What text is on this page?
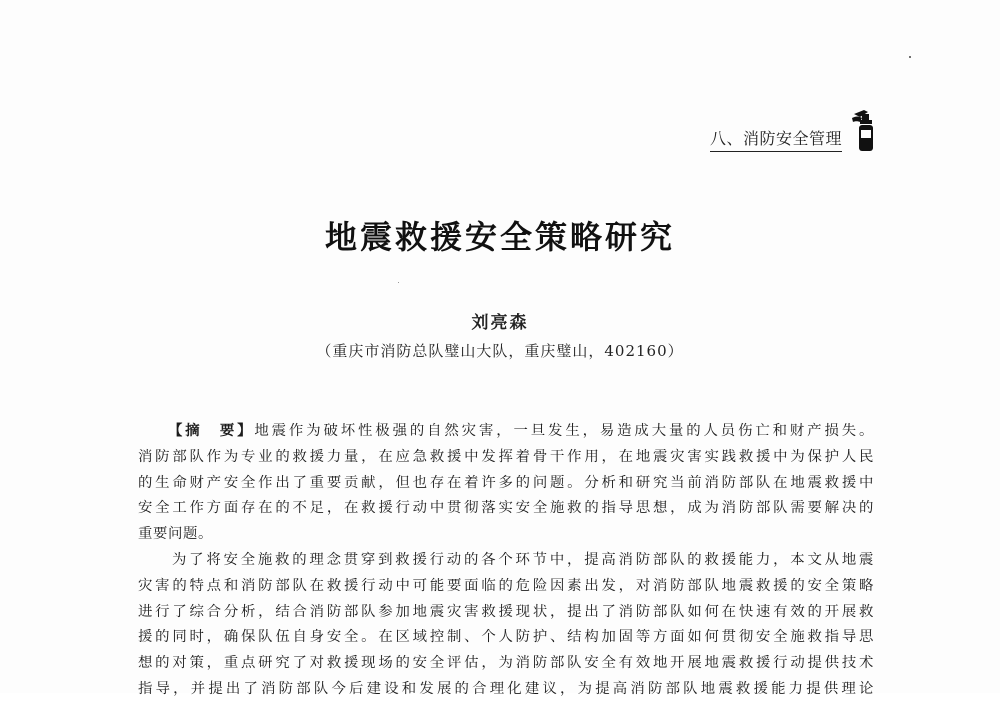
八、消防安全管理
地震救援安全策略研究
刘亮森
（重庆市消防总队璧山大队，重庆璧山，402160）
【摘　要】地震作为破坏性极强的自然灾害，一旦发生，易造成大量的人员伤亡和财产损失。
消防部队作为专业的救援力量，在应急救援中发挥着骨干作用，在地震灾害实践救援中为保护人民
的生命财产安全作出了重要贡献，但也存在着许多的问题。分析和研究当前消防部队在地震救援中
安全工作方面存在的不足，在救援行动中贯彻落实安全施救的指导思想，成为消防部队需要解决的
重要问题。
为了将安全施救的理念贯穿到救援行动的各个环节中，提高消防部队的救援能力，本文从地震
灾害的特点和消防部队在救援行动中可能要面临的危险因素出发，对消防部队地震救援的安全策略
进行了综合分析，结合消防部队参加地震灾害救援现状，提出了消防部队如何在快速有效的开展救
援的同时，确保队伍自身安全。在区域控制、个人防护、结构加固等方面如何贯彻安全施救指导思
想的对策，重点研究了对救援现场的安全评估，为消防部队安全有效地开展地震救援行动提供技术
指导，并提出了消防部队今后建设和发展的合理化建议，为提高消防部队地震救援能力提供理论
